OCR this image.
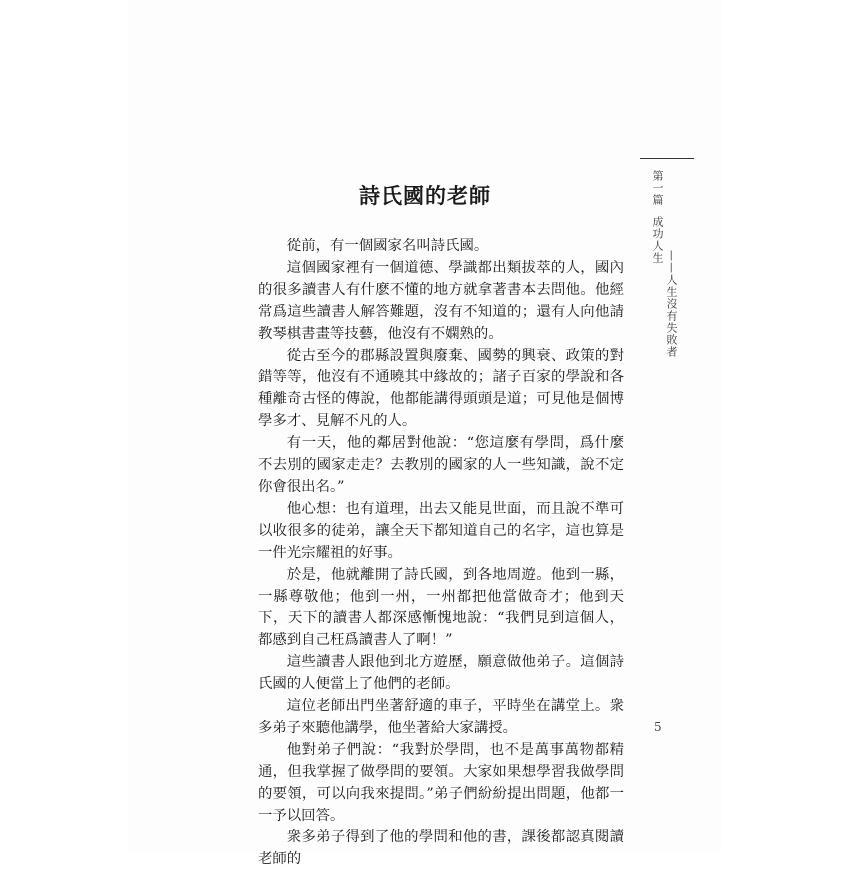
第一篇
成功人生
——人生沒有失敗者
詩氏國的老師

從前，有一個國家名叫詩氏國。

這個國家裡有一個道德、學識都出類拔萃的人，國內的很多讀書人有什麽不懂的地方就拿著書本去問他。他經常爲這些讀書人解答難題，沒有不知道的；還有人向他請教琴棋書畫等技藝，他沒有不嫻熟的。

從古至今的郡縣設置與廢棄、國勢的興衰、政策的對錯等等，他沒有不通曉其中緣故的；諸子百家的學說和各種離奇古怪的傳說，他都能講得頭頭是道；可見他是個博學多才、見解不凡的人。

有一天，他的鄰居對他說：“您這麼有學問，爲什麼不去別的國家走走？去教別的國家的人一些知識，說不定你會很出名。”

他心想：也有道理，出去又能見世面，而且說不準可以收很多的徒弟，讓全天下都知道自己的名字，這也算是一件光宗耀祖的好事。

於是，他就離開了詩氏國，到各地周遊。他到一縣，一縣尊敬他；他到一州，一州都把他當做奇才；他到天下，天下的讀書人都深感慚愧地說：“我們見到這個人，都感到自己枉爲讀書人了啊！”

這些讀書人跟他到北方遊歷，願意做他弟子。這個詩氏國的人便當上了他們的老師。

這位老師出門坐著舒適的車子，平時坐在講堂上。衆多弟子來聽他講學，他坐著給大家講授。

他對弟子們說：“我對於學問，也不是萬事萬物都精通，但我掌握了做學問的要領。大家如果想學習我做學問的要領，可以向我來提問。”弟子們紛紛提出問題，他都一一予以回答。

衆多弟子得到了他的學問和他的書，課後都認真閱讀老師的

5
